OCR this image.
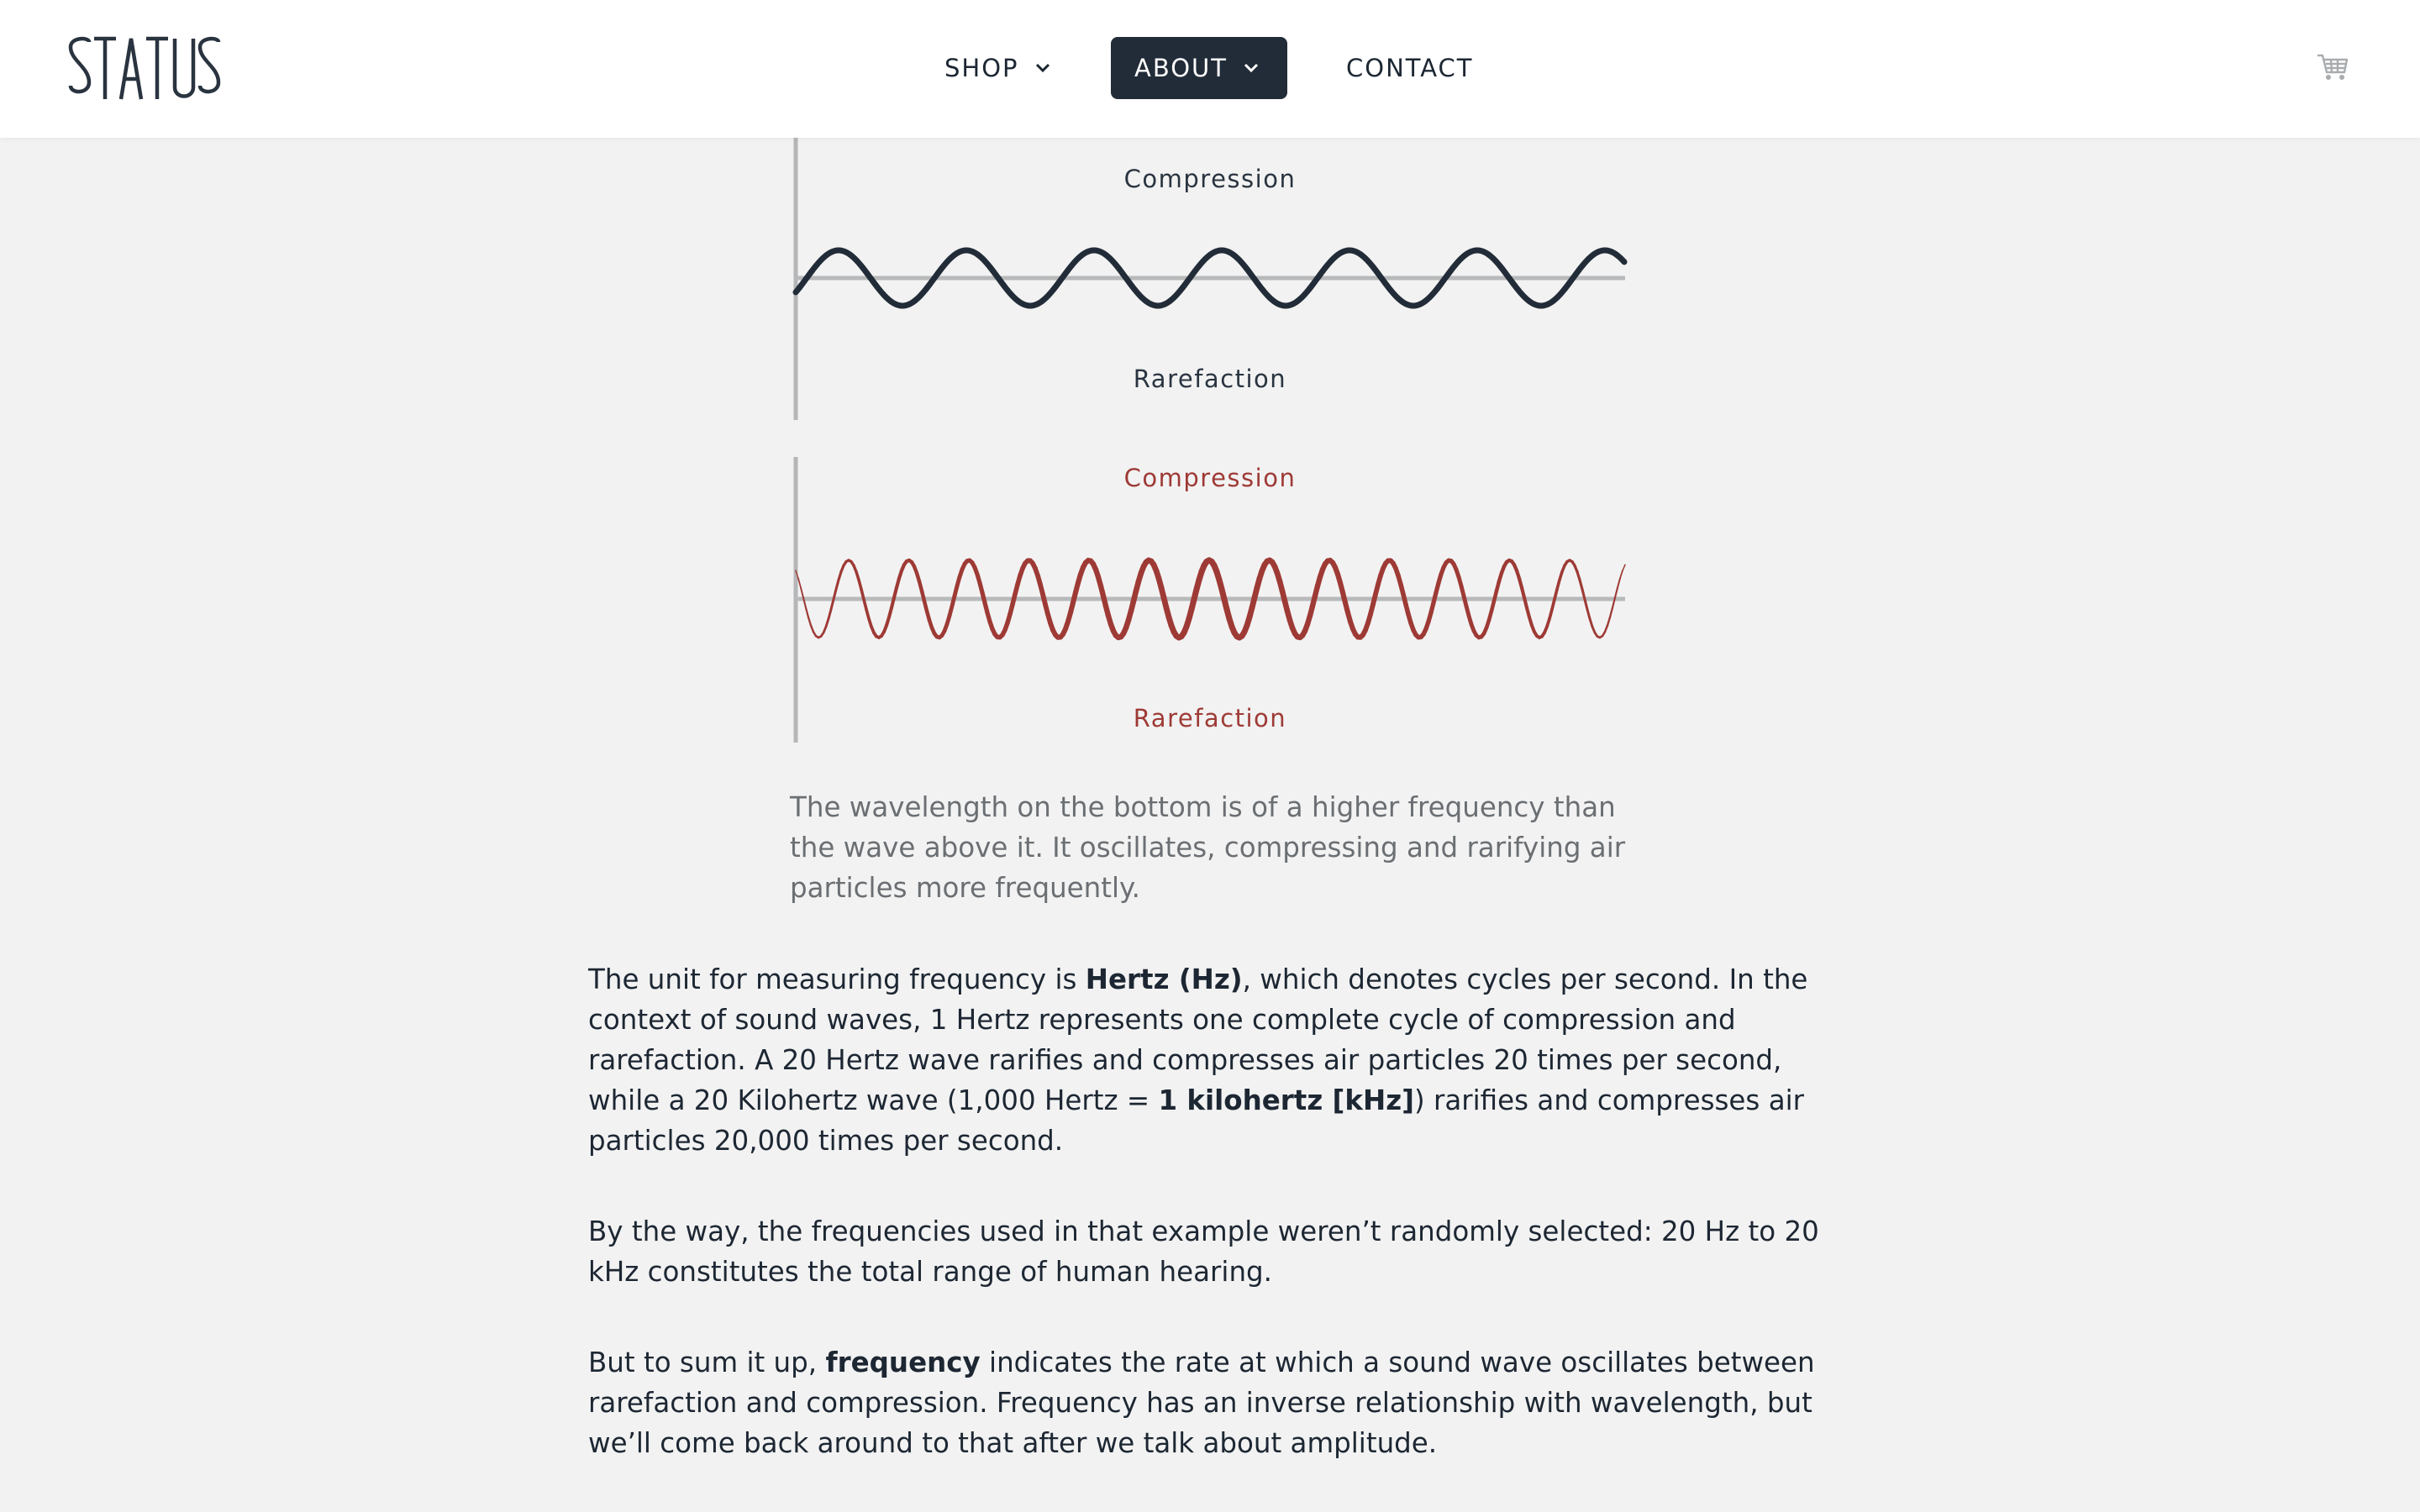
SHOP	ABOUT	CONTACT
Compression
Rarefaction
Compression
Rarefaction

The wavelength on the bottom is of a higher frequency than the wave above it. It oscillates, compressing and rarifying air particles more frequently.

The unit for measuring frequency is Hertz (Hz), which denotes cycles per second. In the context of sound waves, 1 Hertz represents one complete cycle of compression and rarefaction. A 20 Hertz wave rarifies and compresses air particles 20 times per second, while a 20 Kilohertz wave (1,000 Hertz = 1 kilohertz [kHz]) rarifies and compresses air particles 20,000 times per second.

By the way, the frequencies used in that example weren’t randomly selected: 20 Hz to 20 kHz constitutes the total range of human hearing.

But to sum it up, frequency indicates the rate at which a sound wave oscillates between rarefaction and compression. Frequency has an inverse relationship with wavelength, but we’ll come back around to that after we talk about amplitude.
